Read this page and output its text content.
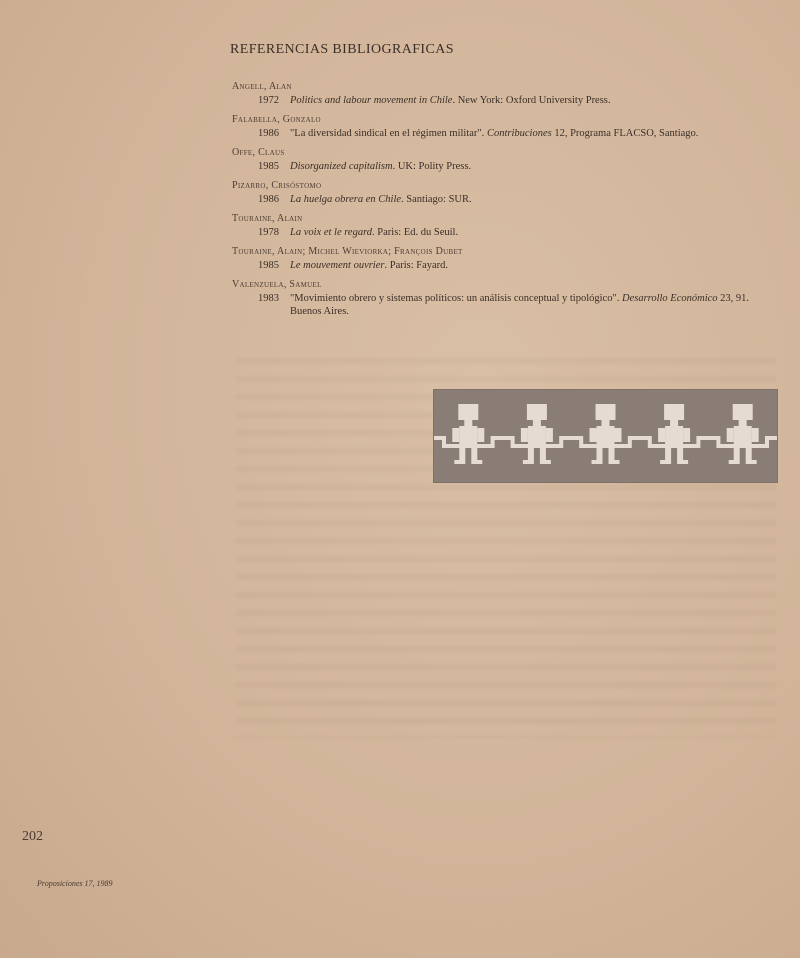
REFERENCIAS BIBLIOGRAFICAS
Angell, Alan
1972	Politics and labour movement in Chile. New York: Oxford University Press.
Falabella, Gonzalo
1986	"La diversidad sindical en el régimen militar". Contribuciones 12, Programa FLACSO, Santiago.
Offe, Claus
1985	Disorganized capitalism. UK: Polity Press.
Pizarro, Crisóstomo
1986	La huelga obrera en Chile. Santiago: SUR.
Touraine, Alain
1978	La voix et le regard. Paris: Ed. du Seuil.
Touraine, Alain; Michel Wieviorka; François Dubet
1985	Le mouvement ouvrier. Paris: Fayard.
Valenzuela, Samuel
1983	"Movimiento obrero y sistemas políticos: un análisis conceptual y tipológico". Desarrollo Económico 23, 91. Buenos Aires.
202
Proposiciones 17, 1989
